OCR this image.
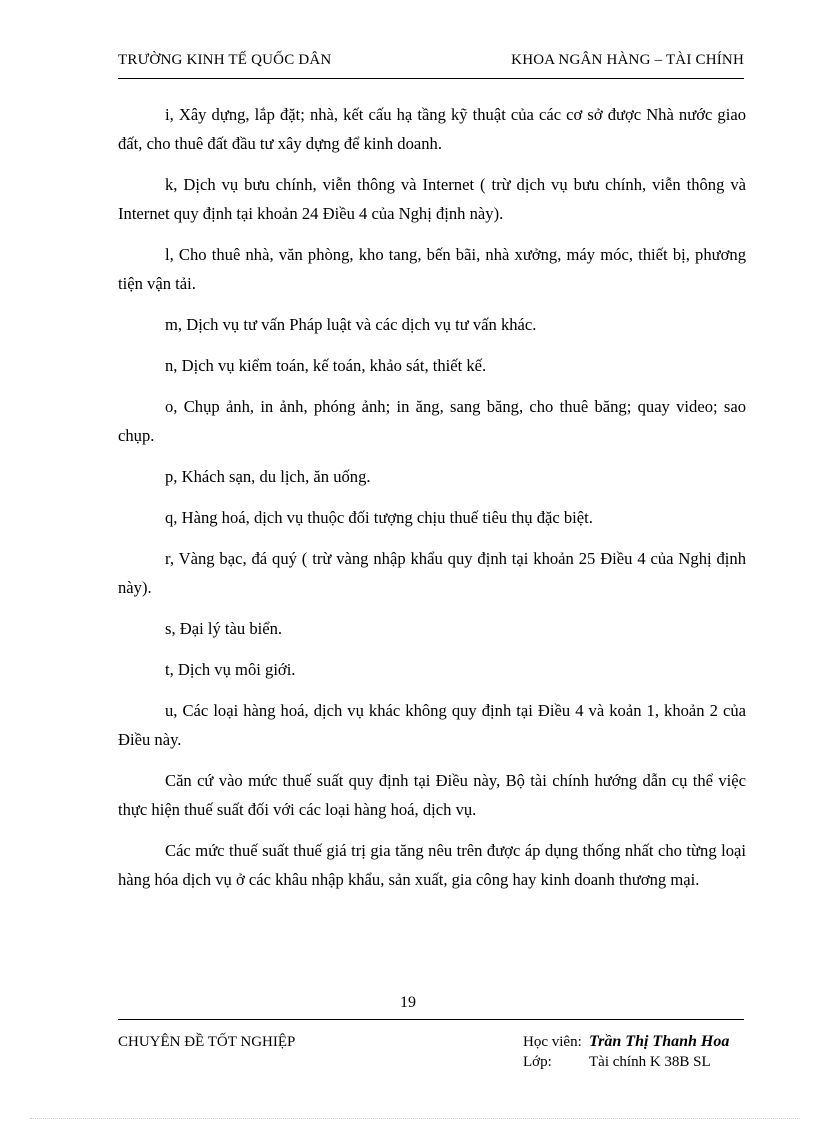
TRƯỜNG KINH TẾ QUỐC DÂN	KHOA NGÂN HÀNG – TÀI CHÍNH

i, Xây dựng, lắp đặt; nhà, kết cấu hạ tầng kỹ thuật của các cơ sở được Nhà nước giao đất, cho thuê đất đầu tư xây dựng để kinh doanh.

k, Dịch vụ bưu chính, viễn thông và Internet ( trừ dịch vụ bưu chính, viễn thông và Internet quy định tại khoản 24 Điều 4 của Nghị định này).

l, Cho thuê nhà, văn phòng, kho tang, bến bãi, nhà xưởng, máy móc, thiết bị, phương tiện vận tải.

m, Dịch vụ tư vấn Pháp luật và các dịch vụ tư vấn khác.

n, Dịch vụ kiểm toán, kế toán, khảo sát, thiết kế.

o, Chụp ảnh, in ảnh, phóng ảnh; in ăng, sang băng, cho thuê băng; quay video; sao chụp.

p, Khách sạn, du lịch, ăn uống.

q, Hàng hoá, dịch vụ thuộc đối tượng chịu thuế tiêu thụ đặc biệt.

r, Vàng bạc, đá quý ( trừ vàng nhập khẩu quy định tại khoản 25 Điều 4 của Nghị định này).

s, Đại lý tàu biển.

t, Dịch vụ môi giới.

u, Các loại hàng hoá, dịch vụ khác không quy định tại Điều 4 và koản 1, khoản 2 của Điều này.

Căn cứ vào mức thuế suất quy định tại Điều này, Bộ tài chính hướng dẫn cụ thể việc thực hiện thuế suất đối với các loại hàng hoá, dịch vụ.

Các mức thuế suất thuế giá trị gia tăng nêu trên được áp dụng thống nhất cho từng loại hàng hóa dịch vụ ở các khâu nhập khẩu, sản xuất, gia công hay kinh doanh thương mại.

19
CHUYÊN ĐỀ TỐT NGHIỆP	Học viên: Trần Thị Thanh Hoa
Lớp: Tài chính K 38B SL
